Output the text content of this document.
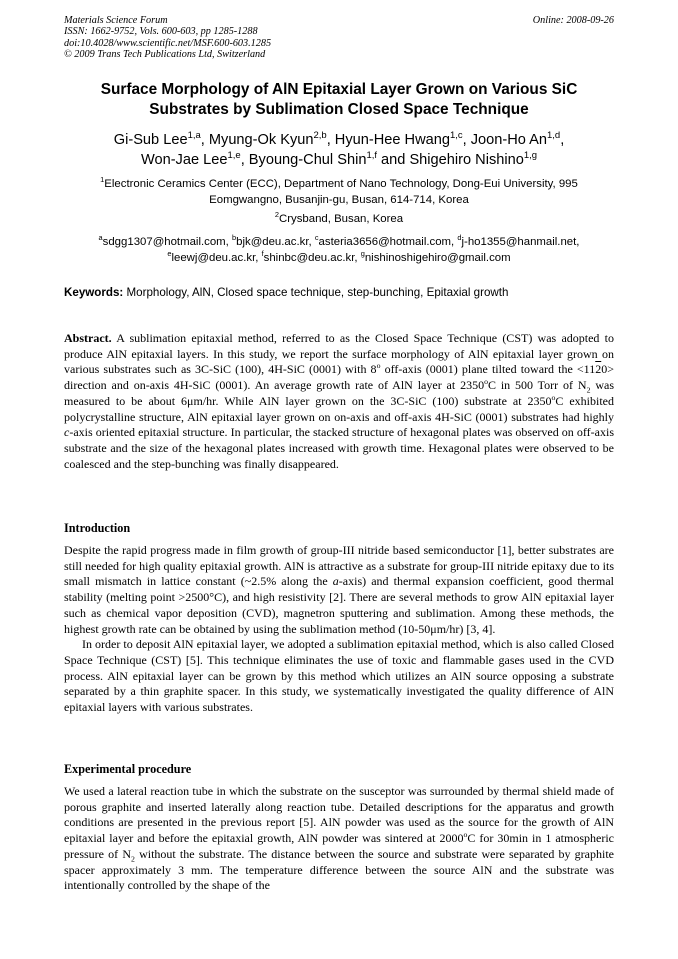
Materials Science Forum
ISSN: 1662-9752, Vols. 600-603, pp 1285-1288
doi:10.4028/www.scientific.net/MSF.600-603.1285
© 2009 Trans Tech Publications Ltd, Switzerland
Online: 2008-09-26
Surface Morphology of AlN Epitaxial Layer Grown on Various SiC
Substrates by Sublimation Closed Space Technique
Gi-Sub Lee$^{1,a}$, Myung-Ok Kyun$^{2,b}$, Hyun-Hee Hwang$^{1,c}$, Joon-Ho An$^{1,d}$,
Won-Jae Lee$^{1,e}$, Byoung-Chul Shin$^{1,f}$ and Shigehiro Nishino$^{1,g}$
$^1$Electronic Ceramics Center (ECC), Department of Nano Technology, Dong-Eui University, 995
Eomgwangno, Busanjin-gu, Busan, 614-714, Korea
$^2$Crysband, Busan, Korea
$^a$sdgg1307@hotmail.com, $^b$bjk@deu.ac.kr, $^c$asteria3656@hotmail.com, $^d$j-ho1355@hanmail.net,
$^e$leewj@deu.ac.kr, $^f$shinbc@deu.ac.kr, $^g$nishinoshigehiro@gmail.com
Keywords: Morphology, AlN, Closed space technique, step-bunching, Epitaxial growth

Abstract. A sublimation epitaxial method, referred to as the Closed Space Technique (CST) was adopted to produce AlN epitaxial layers. In this study, we report the surface morphology of AlN epitaxial layer grown on various substrates such as 3C-SiC (100), 4H-SiC (0001) with 8$^o$ off-axis (0001) plane tilted toward the <1120> direction and on-axis 4H-SiC (0001). An average growth rate of AlN layer at 2350$^o$C in 500 Torr of $N_2$ was measured to be about 6μm/hr. While AlN layer grown on the 3C-SiC (100) substrate at 2350$^o$C exhibited polycrystalline structure, AlN epitaxial layer grown on on-axis and off-axis 4H-SiC (0001) substrates had highly c-axis oriented epitaxial structure. In particular, the stacked structure of hexagonal plates was observed on off-axis substrate and the size of the hexagonal plates increased with growth time. Hexagonal plates were observed to be coalesced and the step-bunching was finally disappeared.

Introduction

Despite the rapid progress made in film growth of group-III nitride based semiconductor [1], better substrates are still needed for high quality epitaxial growth. AlN is attractive as a substrate for group-III nitride epitaxy due to its small mismatch in lattice constant (~2.5% along the a-axis) and thermal expansion coefficient, good thermal stability (melting point >2500°C), and high resistivity [2]. There are several methods to grow AlN epitaxial layer such as chemical vapor deposition (CVD), magnetron sputtering and sublimation. Among these methods, the highest growth rate can be obtained by using the sublimation method (10-50μm/hr) [3, 4].

In order to deposit AlN epitaxial layer, we adopted a sublimation epitaxial method, which is also called Closed Space Technique (CST) [5]. This technique eliminates the use of toxic and flammable gases used in the CVD process. AlN epitaxial layer can be grown by this method which utilizes an AlN source opposing a substrate separated by a thin graphite spacer. In this study, we systematically investigated the quality difference of AlN epitaxial layers with various substrates.

Experimental procedure

We used a lateral reaction tube in which the substrate on the susceptor was surrounded by thermal shield made of porous graphite and inserted laterally along reaction tube. Detailed descriptions for the apparatus and growth conditions are presented in the previous report [5]. AlN powder was used as the source for the growth of AlN epitaxial layer and before the epitaxial growth, AlN powder was sintered at 2000$^o$C for 30min in 1 atmospheric pressure of $N_2$ without the substrate. The distance between the source and substrate were separated by graphite spacer approximately 3 mm. The temperature difference between the source AlN and the substrate was intentionally controlled by the shape of the
